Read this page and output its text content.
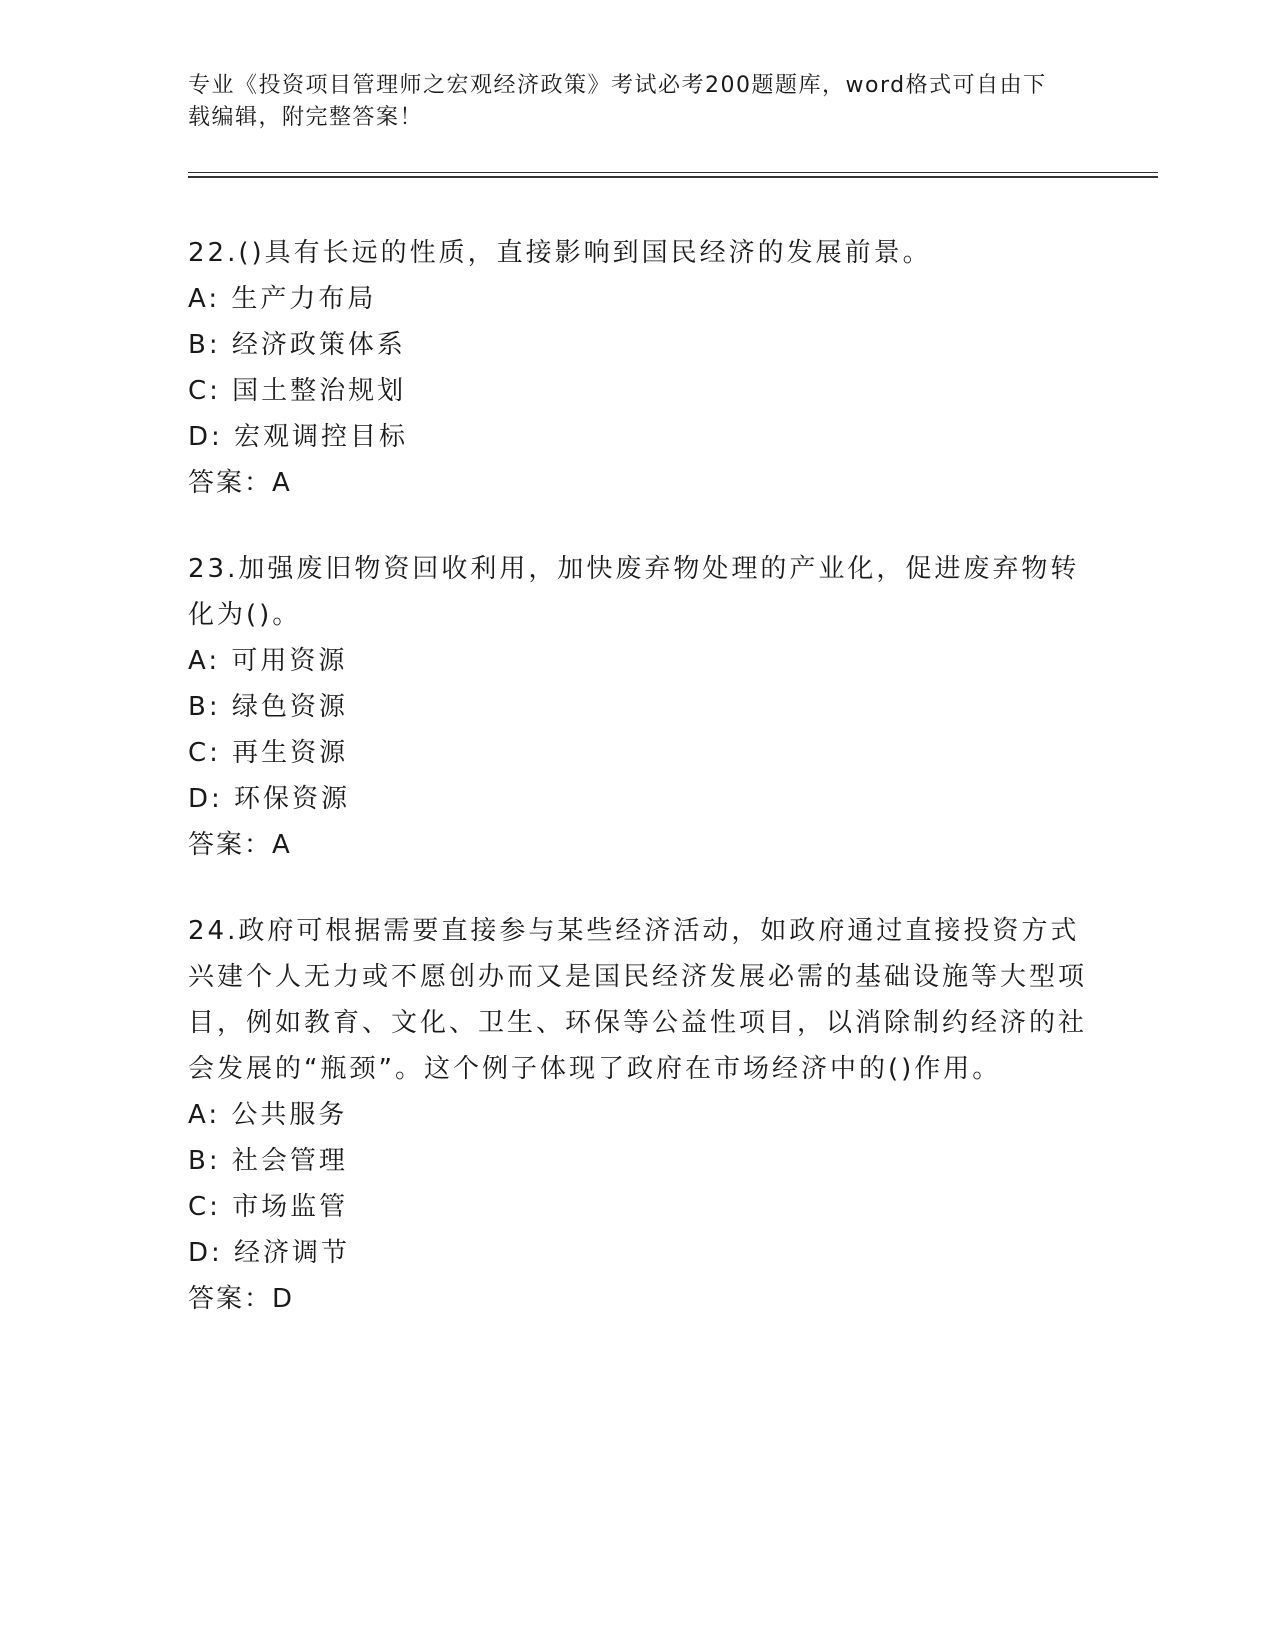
专业《投资项目管理师之宏观经济政策》考试必考200题题库，word格式可自由下载编辑，附完整答案！

22.()具有长远的性质，直接影响到国民经济的发展前景。

A: 生产力布局

B: 经济政策体系

C: 国土整治规划

D: 宏观调控目标

答案：A

23.加强废旧物资回收利用，加快废弃物处理的产业化，促进废弃物转化为()。

A: 可用资源

B: 绿色资源

C: 再生资源

D: 环保资源

答案：A

24.政府可根据需要直接参与某些经济活动，如政府通过直接投资方式兴建个人无力或不愿创办而又是国民经济发展必需的基础设施等大型项目，例如教育、文化、卫生、环保等公益性项目，以消除制约经济的社会发展的“瓶颈”。这个例子体现了政府在市场经济中的()作用。

A: 公共服务

B: 社会管理

C: 市场监管

D: 经济调节

答案：D
